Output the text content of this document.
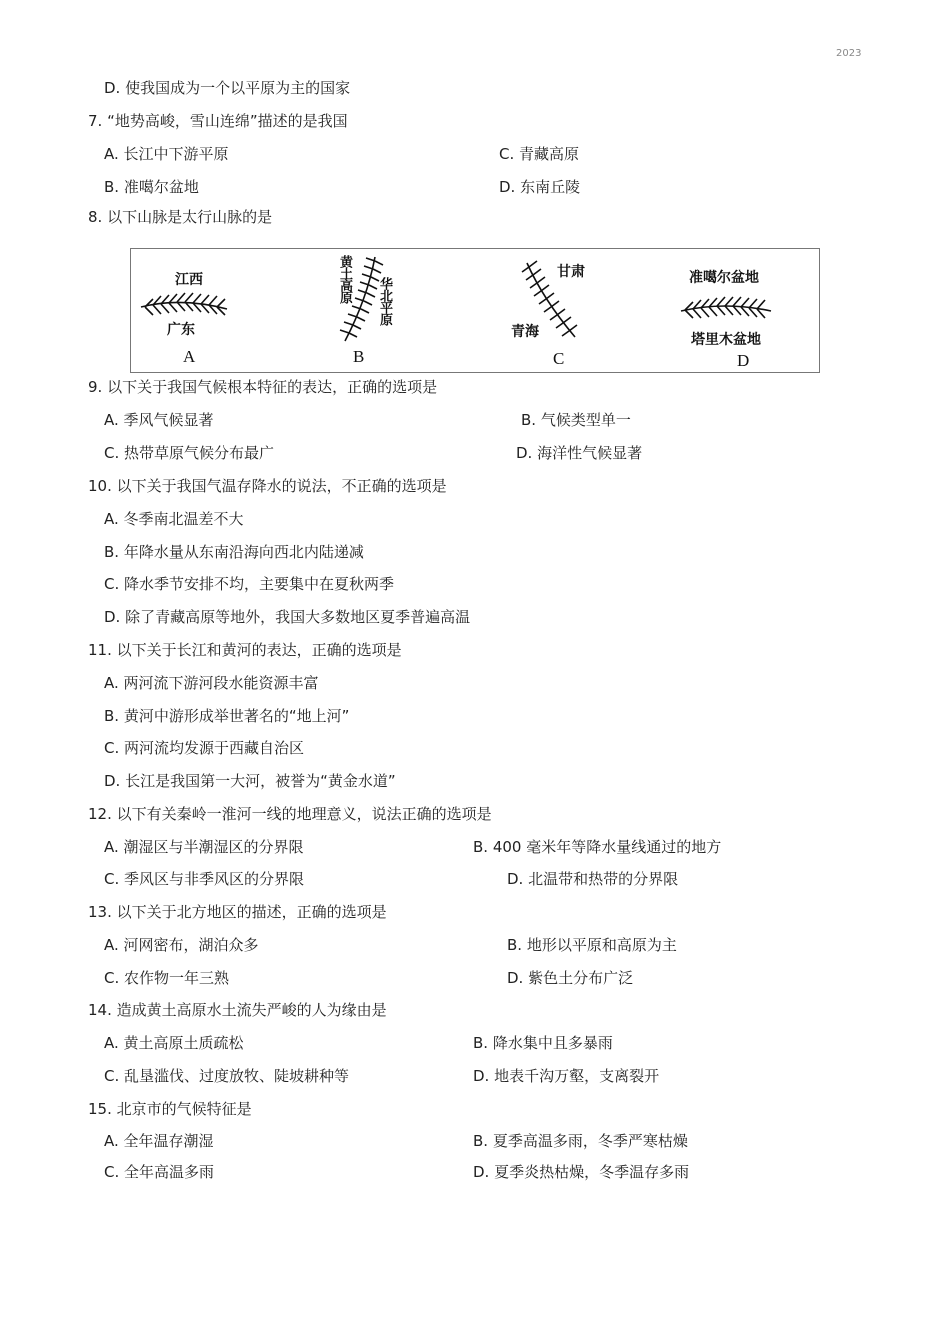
2023
D. 使我国成为一个以平原为主的国家
7. “地势高峻，雪山连绵”描述的是我国
A. 长江中下游平原	C. 青藏高原
B. 准噶尔盆地	D. 东南丘陵
8. 以下山脉是太行山脉的是
江西
广东
A
黄土高原 华北平原
B
甘肃
青海
C
准噶尔盆地
塔里木盆地
D
9. 以下关于我国气候根本特征的表达，正确的选项是
A. 季风气候显著	B. 气候类型单一
C. 热带草原气候分布最广	D. 海洋性气候显著
10. 以下关于我国气温存降水的说法，不正确的选项是
A. 冬季南北温差不大
B. 年降水量从东南沿海向西北内陆递减
C. 降水季节安排不均，主要集中在夏秋两季
D. 除了青藏高原等地外，我国大多数地区夏季普遍高温
11. 以下关于长江和黄河的表达，正确的选项是
A. 两河流下游河段水能资源丰富
B. 黄河中游形成举世著名的“地上河”
C. 两河流均发源于西藏自治区
D. 长江是我国第一大河，被誉为“黄金水道”
12. 以下有关秦岭一淮河一线的地理意义，说法正确的选项是
A. 潮湿区与半潮湿区的分界限	B. 400 毫米年等降水量线通过的地方
C. 季风区与非季风区的分界限	D. 北温带和热带的分界限
13. 以下关于北方地区的描述，正确的选项是
A. 河网密布，湖泊众多	B. 地形以平原和高原为主
C. 农作物一年三熟	D. 紫色土分布广泛
14. 造成黄土高原水土流失严峻的人为缘由是
A. 黄土高原土质疏松	B. 降水集中且多暴雨
C. 乱垦滥伐、过度放牧、陡坡耕种等	D. 地表千沟万壑，支离裂开
15. 北京市的气候特征是
A. 全年温存潮湿	B. 夏季高温多雨，冬季严寒枯燥
C. 全年高温多雨	D. 夏季炎热枯燥，冬季温存多雨
